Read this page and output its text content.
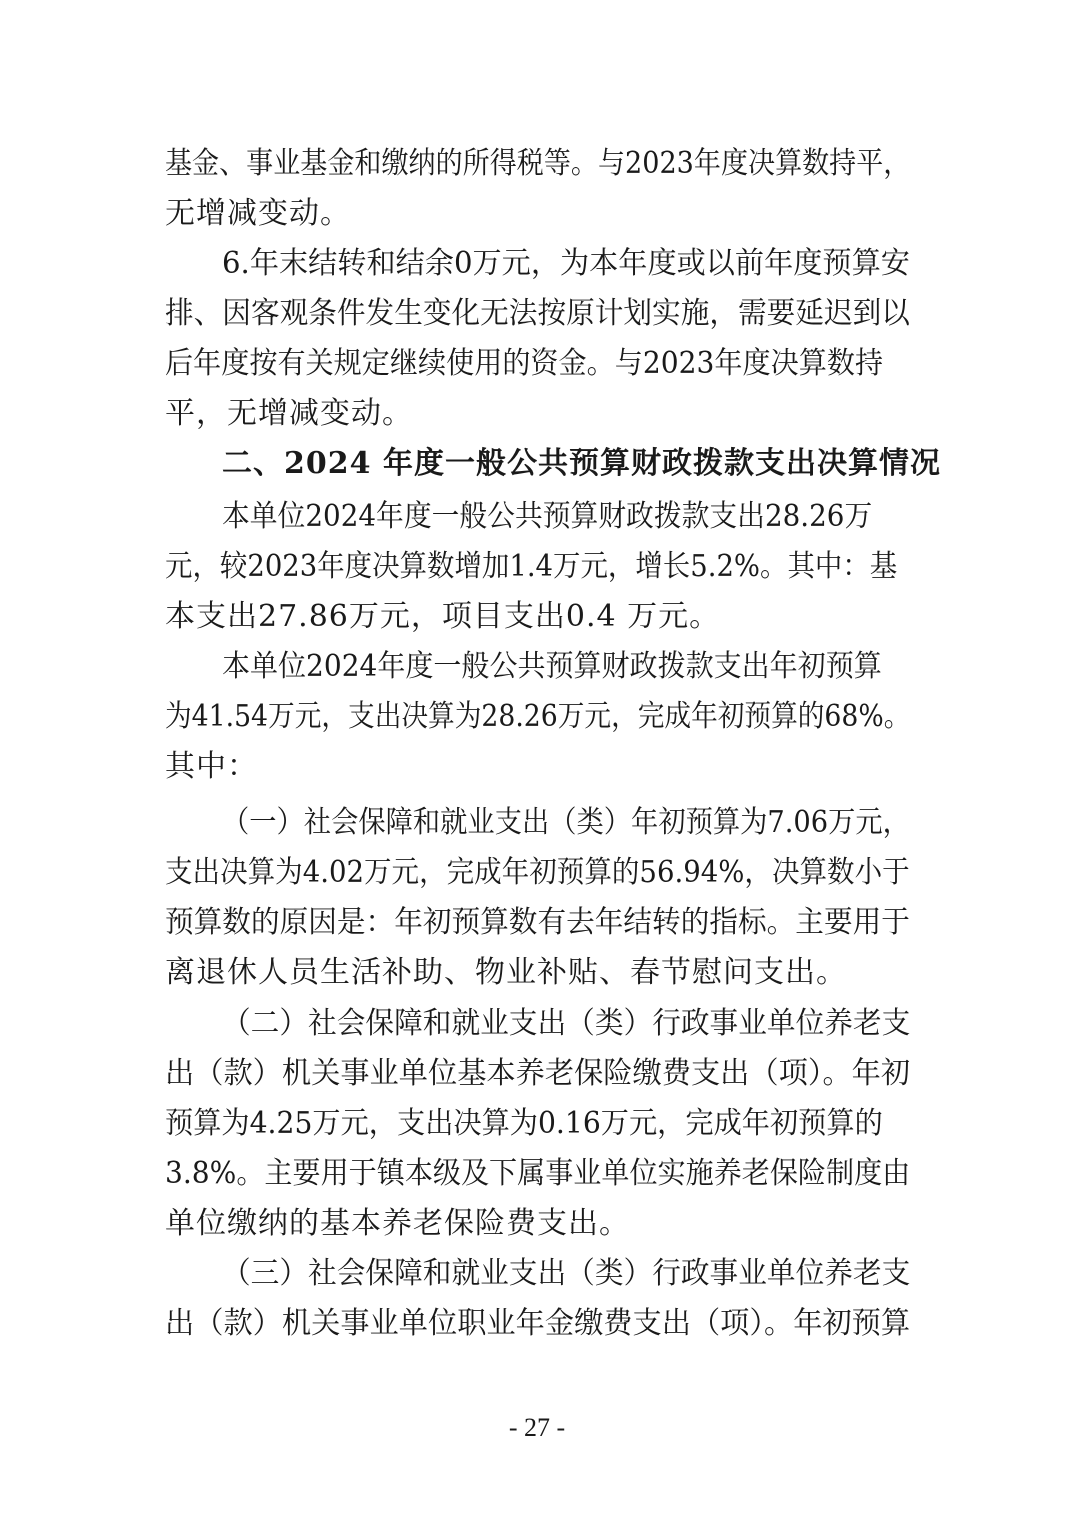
基金、事业基金和缴纳的所得税等。与2023年度决算数持平，
无增减变动。
6.年末结转和结余0万元，为本年度或以前年度预算安
排、因客观条件发生变化无法按原计划实施，需要延迟到以
后年度按有关规定继续使用的资金。与2023年度决算数持
平，无增减变动。
二、2024 年度一般公共预算财政拨款支出决算情况
本单位2024年度一般公共预算财政拨款支出28.26万
元，较2023年度决算数增加1.4万元，增长5.2%。其中：基
本支出27.86万元，项目支出0.4 万元。
本单位2024年度一般公共预算财政拨款支出年初预算
为41.54万元，支出决算为28.26万元，完成年初预算的68%。
其中：
（一）社会保障和就业支出（类）年初预算为7.06万元，
支出决算为4.02万元，完成年初预算的56.94%，决算数小于
预算数的原因是：年初预算数有去年结转的指标。主要用于
离退休人员生活补助、物业补贴、春节慰问支出。
（二）社会保障和就业支出（类）行政事业单位养老支
出（款）机关事业单位基本养老保险缴费支出（项）。年初
预算为4.25万元，支出决算为0.16万元，完成年初预算的
3.8%。主要用于镇本级及下属事业单位实施养老保险制度由
单位缴纳的基本养老保险费支出。
（三）社会保障和就业支出（类）行政事业单位养老支
出（款）机关事业单位职业年金缴费支出（项）。年初预算
- 27 -
